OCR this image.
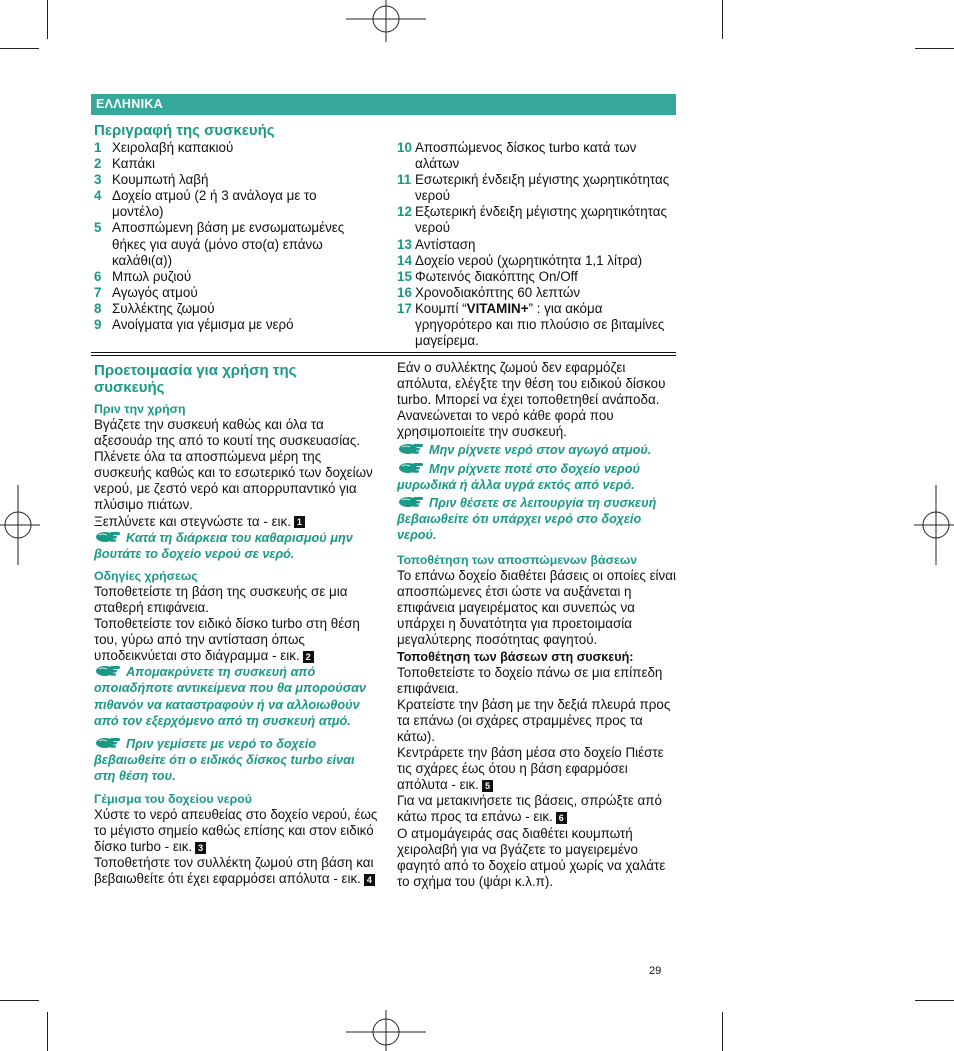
ΕΛΛΗΝΙΚΑ
Περιγραφή της συσκευής
1 Χειρολαβή καπακιού
2 Καπάκι
3 Κουμπωτή λαβή
4 Δοχείο ατμού (2 ή 3 ανάλογα με το μοντέλο)
5 Αποσπώμενη βάση με ενσωματωμένες θήκες για αυγά (μόνο στο(α) επάνω καλάθι(α))
6 Μπωλ ρυζιού
7 Αγωγός ατμού
8 Συλλέκτης ζωμού
9 Ανοίγματα για γέμισμα με νερό
10 Αποσπώμενος δίσκος turbo κατά των αλάτων
11 Εσωτερική ένδειξη μέγιστης χωρητικότητας νερού
12 Εξωτερική ένδειξη μέγιστης χωρητικότητας νερού
13 Αντίσταση
14 Δοχείο νερού (χωρητικότητα 1,1 λίτρα)
15 Φωτεινός διακόπτης On/Off
16 Χρονοδιακόπτης 60 λεπτών
17 Κουμπί “VITAMIN+” : για ακόμα γρηγορότερο και πιο πλούσιο σε βιταμίνες μαγείρεμα.
Προετοιμασία για χρήση της συσκευής
Πριν την χρήση

Βγάζετε την συσκευή καθώς και όλα τα αξεσουάρ της από το κουτί της συσκευασίας. Πλένετε όλα τα αποσπώμενα μέρη της συσκευής καθώς και το εσωτερικό των δοχείων νερού, με ζεστό νερό και απορρυπαντικό για πλύσιμο πιάτων.

Ξεπλύνετε και στεγνώστε τα - εικ. 1

Κατά τη διάρκεια του καθαρισμού μην βουτάτε το δοχείο νερού σε νερό.

Οδηγίες χρήσεως

Τοποθετείστε τη βάση της συσκευής σε μια σταθερή επιφάνεια.

Τοποθετείστε τον ειδικό δίσκο turbo στη θέση του, γύρω από την αντίσταση όπως υποδεικνύεται στο διάγραμμα - εικ. 2

Απομακρύνετε τη συσκευή από οποιαδήποτε αντικείμενα που θα μπορούσαν πιθανόν να καταστραφούν ή να αλλοιωθούν από τον εξερχόμενο από τη συσκευή ατμό.

Πριν γεμίσετε με νερό το δοχείο βεβαιωθείτε ότι ο ειδικός δίσκος turbo είναι στη θέση του.

Γέμισμα του δοχείου νερού

Χύστε το νερό απευθείας στο δοχείο νερού, έως το μέγιστο σημείο καθώς επίσης και στον ειδικό δίσκο turbo - εικ. 3

Τοποθετήστε τον συλλέκτη ζωμού στη βάση και βεβαιωθείτε ότι έχει εφαρμόσει απόλυτα - εικ. 4

Εάν ο συλλέκτης ζωμού δεν εφαρμόζει απόλυτα, ελέγξτε την θέση του ειδικού δίσκου turbo. Μπορεί να έχει τοποθετηθεί ανάποδα.

Ανανεώνεται το νερό κάθε φορά που χρησιμοποιείτε την συσκευή.

Μην ρίχνετε νερό στον αγωγό ατμού.

Μην ρίχνετε ποτέ στο δοχείο νερού μυρωδικά ή άλλα υγρά εκτός από νερό.

Πριν θέσετε σε λειτουργία τη συσκευή βεβαιωθείτε ότι υπάρχει νερό στο δοχείο νερού.

Τοποθέτηση των αποσπώμενων βάσεων

Το επάνω δοχείο διαθέτει βάσεις οι οποίες είναι αποσπώμενες έτσι ώστε να αυξάνεται η επιφάνεια μαγειρέματος και συνεπώς να υπάρχει η δυνατότητα για προετοιμασία μεγαλύτερης ποσότητας φαγητού.

Τοποθέτηση των βάσεων στη συσκευή:

Τοποθετείστε το δοχείο πάνω σε μια επίπεδη επιφάνεια.

Κρατείστε την βάση με την δεξιά πλευρά προς τα επάνω (οι σχάρες στραμμένες προς τα κάτω).

Κεντράρετε την βάση μέσα στο δοχείο Πιέστε τις σχάρες έως ότου η βάση εφαρμόσει απόλυτα - εικ. 5

Για να μετακινήσετε τις βάσεις, σπρώξτε από κάτω προς τα επάνω - εικ. 6

Ο ατμομάγειράς σας διαθέτει κουμπωτή χειρολαβή για να βγάζετε το μαγειρεμένο φαγητό από το δοχείο ατμού χωρίς να χαλάτε το σχήμα του (ψάρι κ.λ.π).

29
